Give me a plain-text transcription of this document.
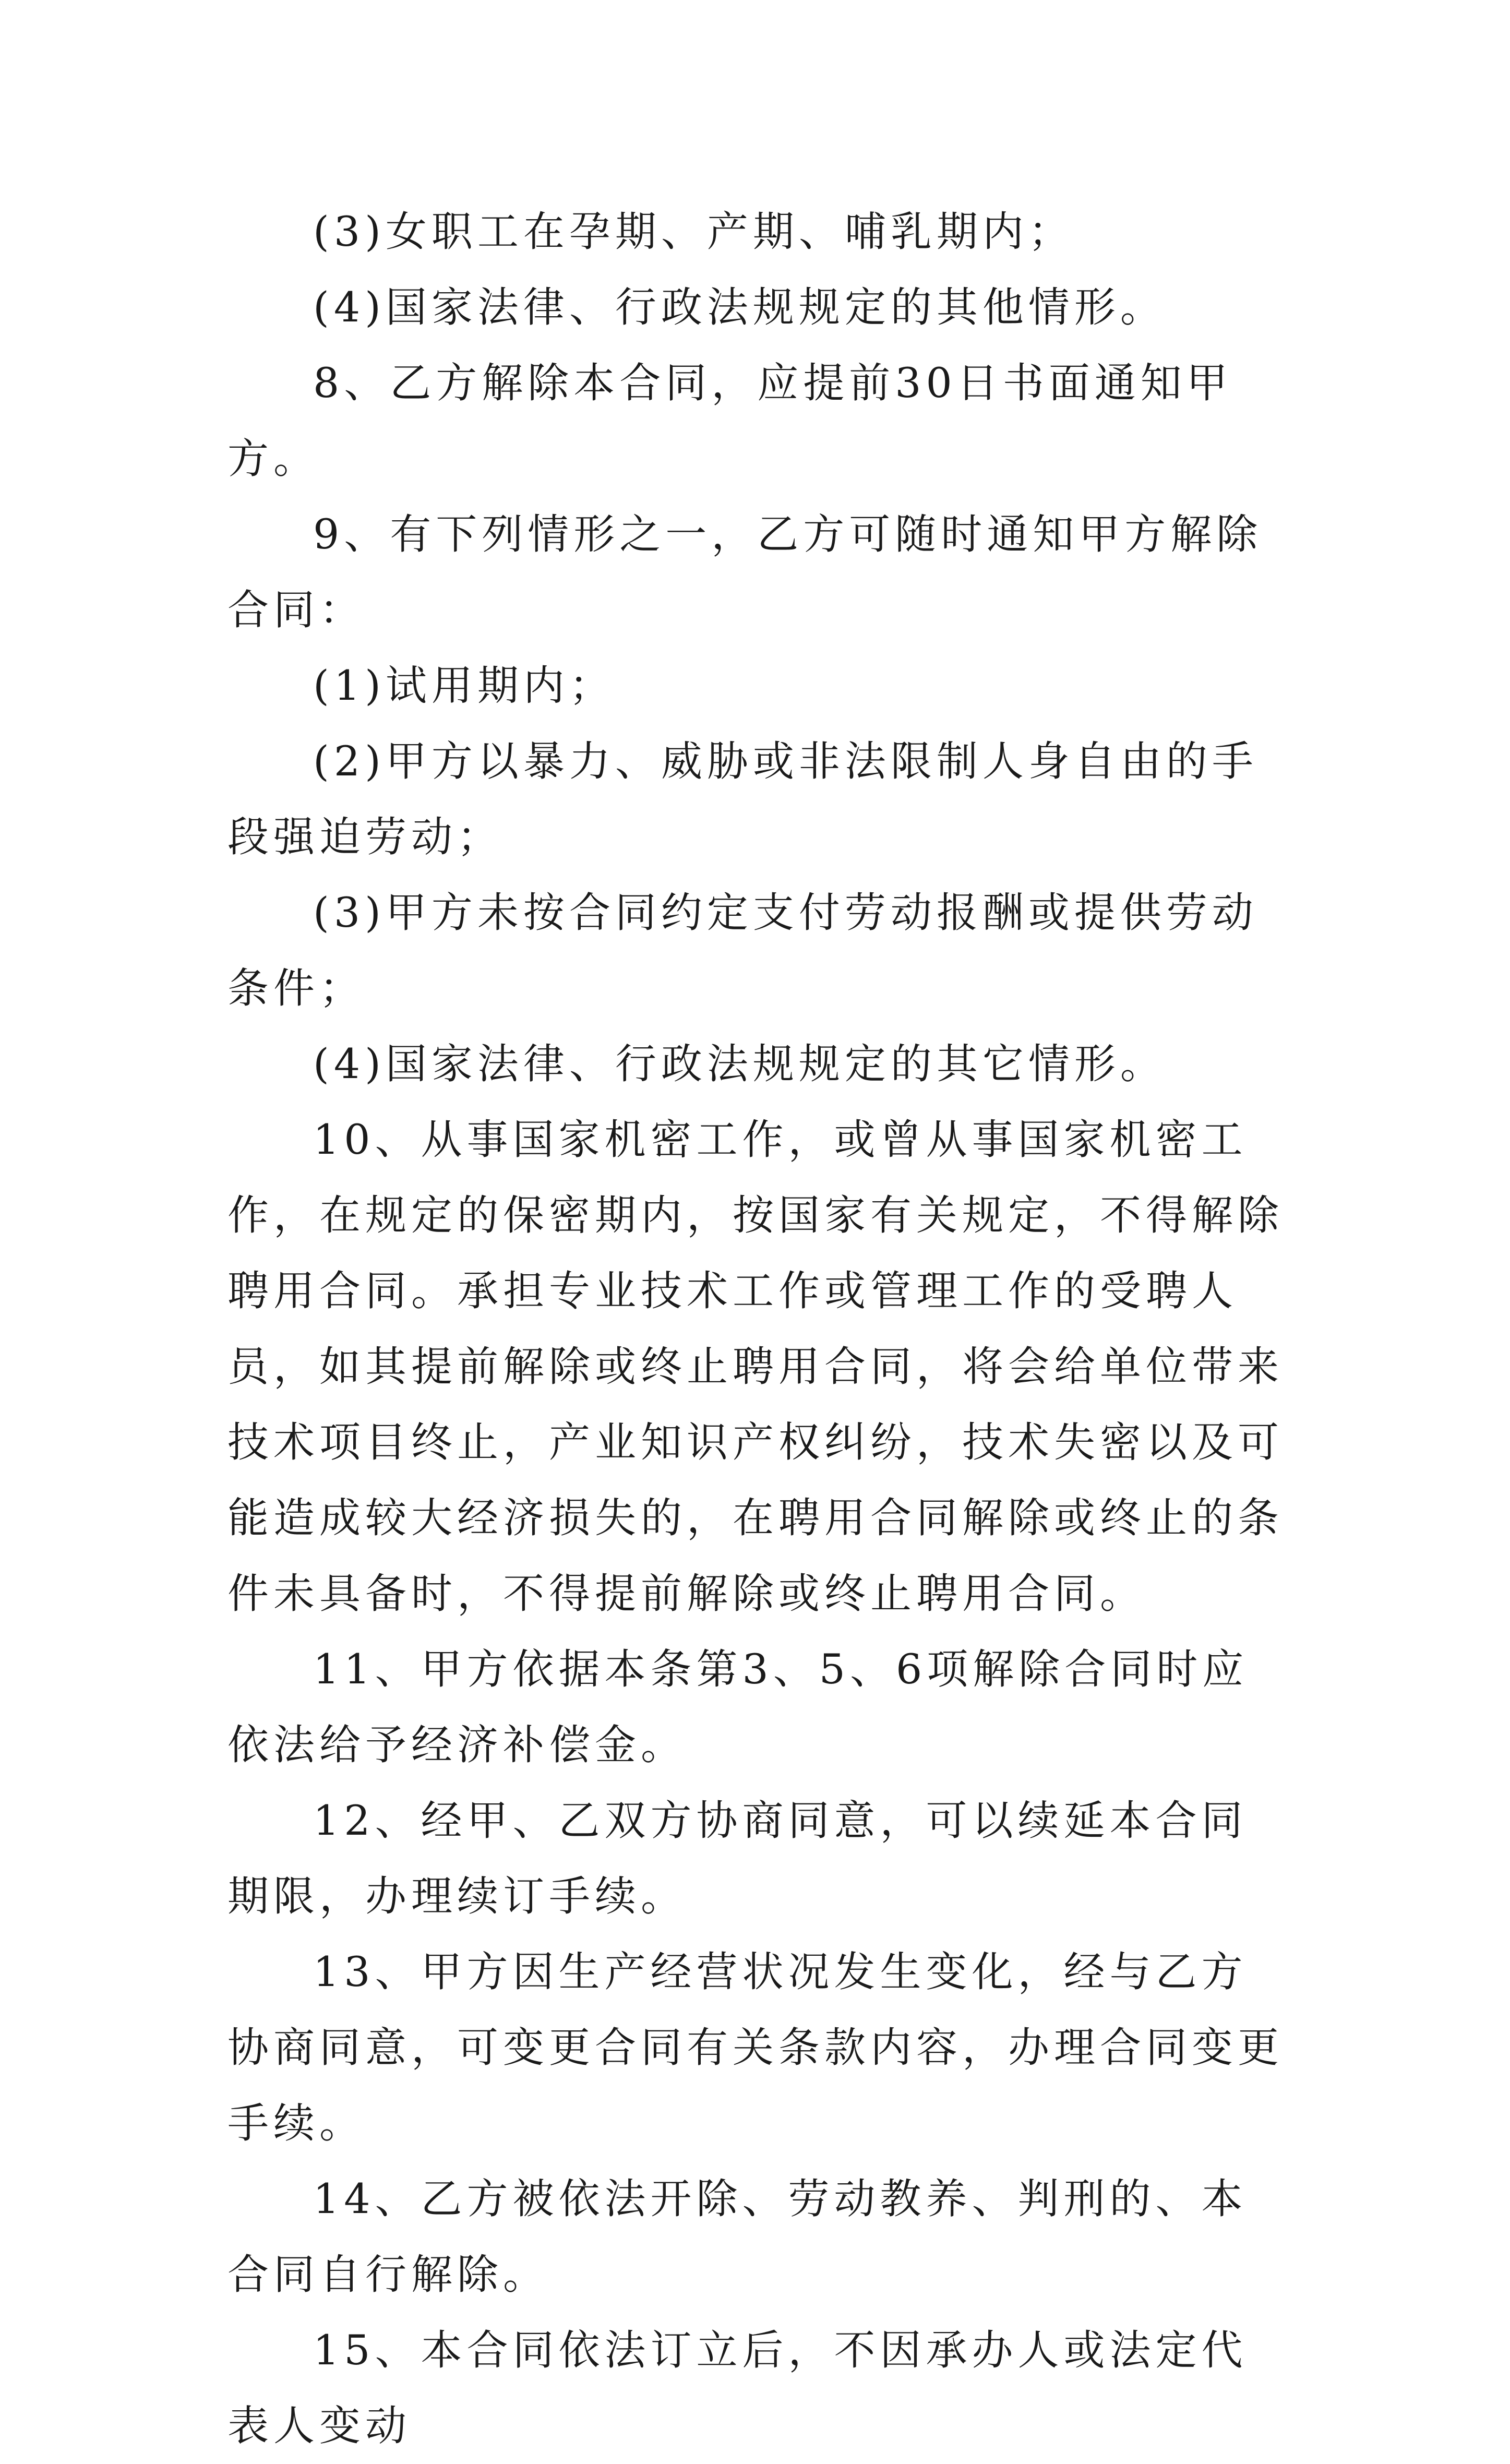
(3)女职工在孕期、产期、哺乳期内；

(4)国家法律、行政法规规定的其他情形。

8、乙方解除本合同，应提前30日书面通知甲方。

9、有下列情形之一，乙方可随时通知甲方解除合同：

(1)试用期内；

(2)甲方以暴力、威胁或非法限制人身自由的手段强迫劳动；

(3)甲方未按合同约定支付劳动报酬或提供劳动条件；

(4)国家法律、行政法规规定的其它情形。

10、从事国家机密工作，或曾从事国家机密工作，在规定的保密期内，按国家有关规定，不得解除聘用合同。承担专业技术工作或管理工作的受聘人员，如其提前解除或终止聘用合同，将会给单位带来技术项目终止，产业知识产权纠纷，技术失密以及可能造成较大经济损失的，在聘用合同解除或终止的条件未具备时，不得提前解除或终止聘用合同。

11、甲方依据本条第3、5、6项解除合同时应依法给予经济补偿金。

12、经甲、乙双方协商同意，可以续延本合同期限，办理续订手续。

13、甲方因生产经营状况发生变化，经与乙方协商同意，可变更合同有关条款内容，办理合同变更手续。

14、乙方被依法开除、劳动教养、判刑的、本合同自行解除。

15、本合同依法订立后，不因承办人或法定代表人变动
